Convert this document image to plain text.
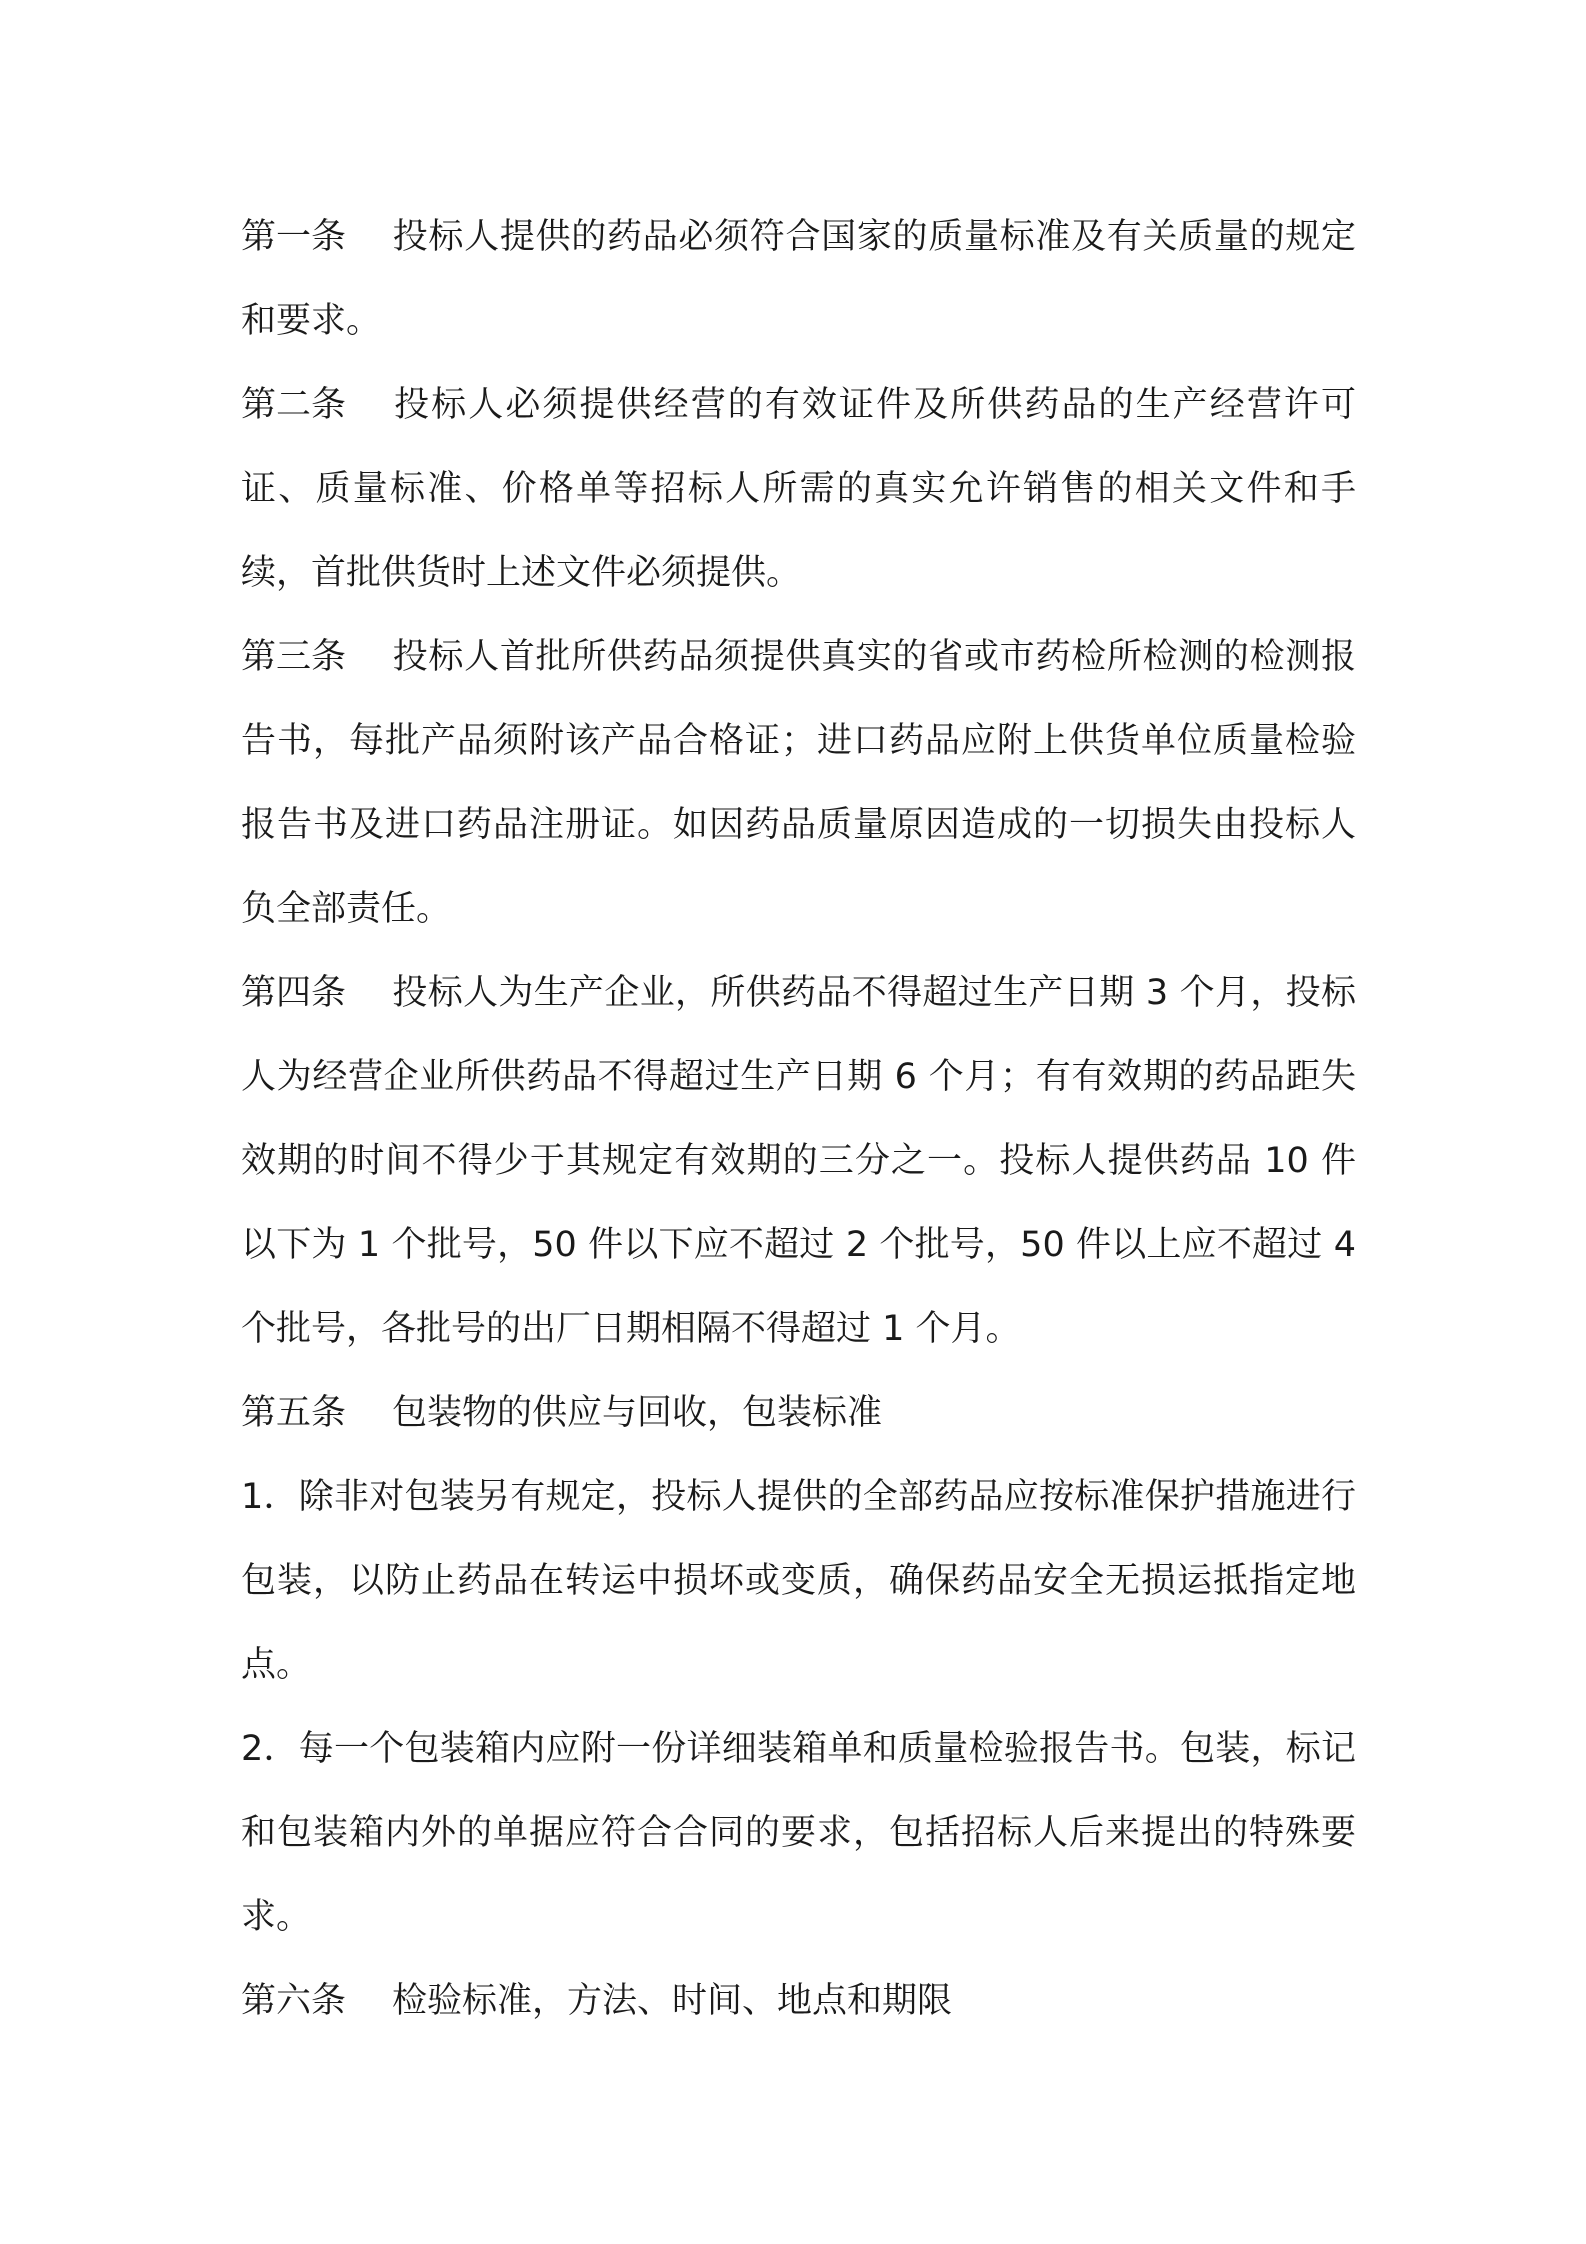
第一条 投标人提供的药品必须符合国家的质量标准及有关质量的规定和要求。

第二条 投标人必须提供经营的有效证件及所供药品的生产经营许可证、质量标准、价格单等招标人所需的真实允许销售的相关文件和手续，首批供货时上述文件必须提供。

第三条 投标人首批所供药品须提供真实的省或市药检所检测的检测报告书，每批产品须附该产品合格证；进口药品应附上供货单位质量检验报告书及进口药品注册证。如因药品质量原因造成的一切损失由投标人负全部责任。

第四条 投标人为生产企业，所供药品不得超过生产日期 3 个月，投标人为经营企业所供药品不得超过生产日期 6 个月；有有效期的药品距失效期的时间不得少于其规定有效期的三分之一。投标人提供药品 10 件以下为 1 个批号，50 件以下应不超过 2 个批号，50 件以上应不超过 4 个批号，各批号的出厂日期相隔不得超过 1 个月。

第五条 包装物的供应与回收，包装标准

1．除非对包装另有规定，投标人提供的全部药品应按标准保护措施进行包装，以防止药品在转运中损坏或变质，确保药品安全无损运抵指定地点。

2．每一个包装箱内应附一份详细装箱单和质量检验报告书。包装，标记和包装箱内外的单据应符合合同的要求，包括招标人后来提出的特殊要求。

第六条 检验标准，方法、时间、地点和期限
